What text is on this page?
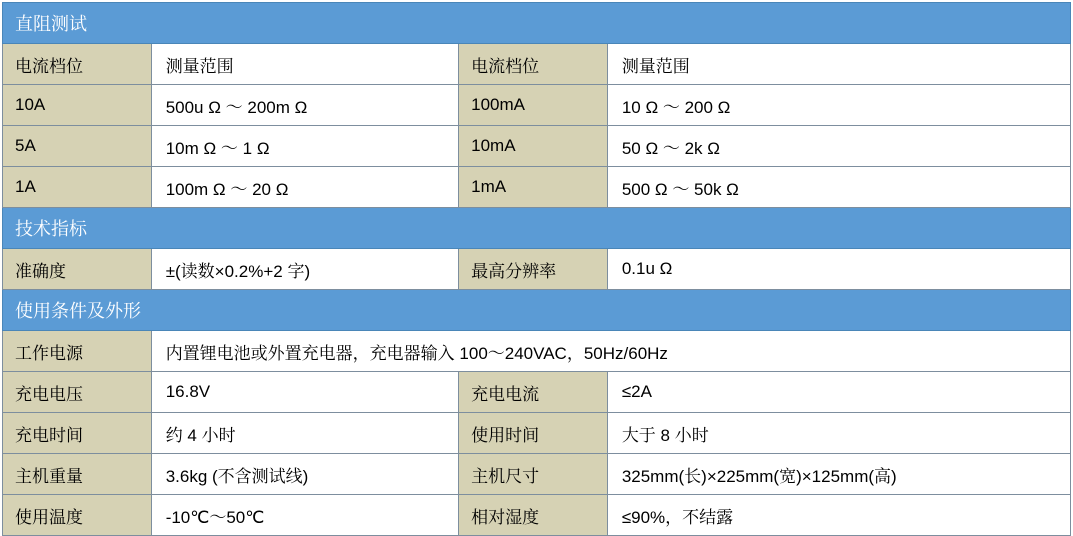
直阻测试			
电流档位	测量范围	电流档位	测量范围
10A	500u Ω ～ 200m Ω	100mA	10 Ω ～ 200 Ω
5A	10m Ω ～ 1 Ω	10mA	50 Ω ～ 2k Ω
1A	100m Ω ～ 20 Ω	1mA	500 Ω ～ 50k Ω
技术指标			
准确度	±(读数×0.2%+2 字)	最高分辨率	0.1u Ω
使用条件及外形			
工作电源	内置锂电池或外置充电器，充电器输入 100～240VAC，50Hz/60Hz		
充电电压	16.8V	充电电流	≤2A
充电时间	约 4 小时	使用时间	大于 8 小时
主机重量	3.6kg (不含测试线)	主机尺寸	325mm(长)×225mm(宽)×125mm(高)
使用温度	-10℃～50℃	相对湿度	≤90%，不结露
